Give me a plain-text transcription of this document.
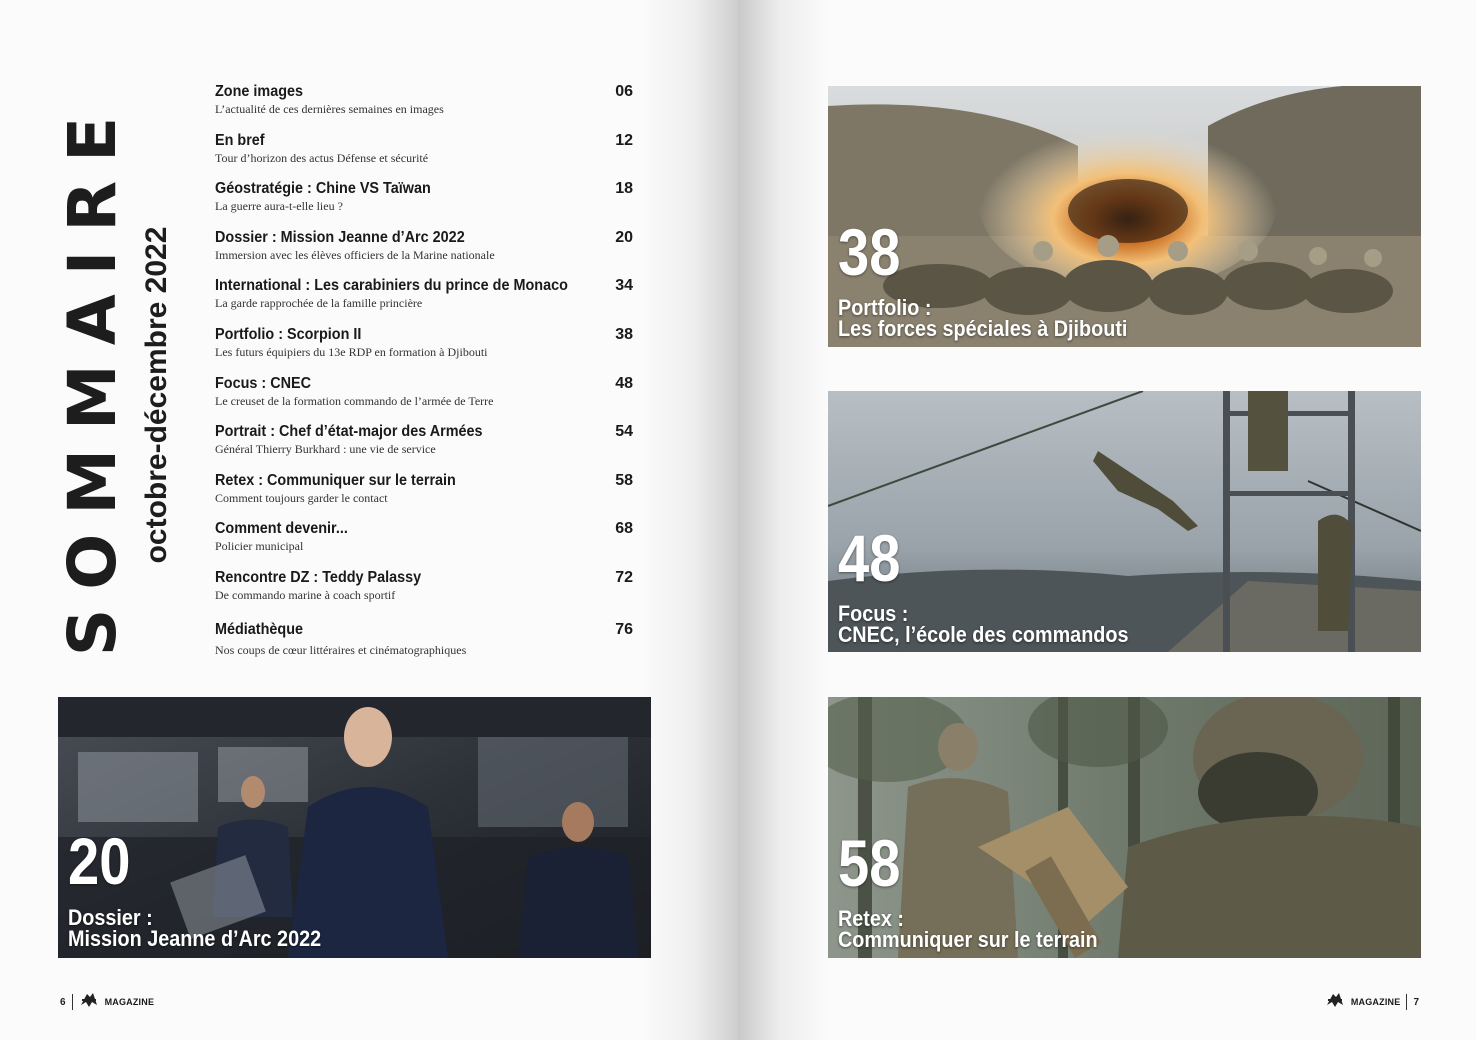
SOMMAIRE octobre-décembre 2022
Zone images
L’actualité de ces dernières semaines en images
06
En bref
Tour d’horizon des actus Défense et sécurité
12
Géostratégie : Chine VS Taïwan
La guerre aura-t-elle lieu ?
18
Dossier : Mission Jeanne d’Arc 2022
Immersion avec les élèves officiers de la Marine nationale
20
International : Les carabiniers du prince de Monaco
La garde rapprochée de la famille princière
34
Portfolio : Scorpion II
Les futurs équipiers du 13e RDP en formation à Djibouti
38
Focus : CNEC
Le creuset de la formation commando de l’armée de Terre
48
Portrait : Chef d’état-major des Armées
Général Thierry Burkhard : une vie de service
54
Retex : Communiquer sur le terrain
Comment toujours garder le contact
58
Comment devenir...
Policier municipal
68
Rencontre DZ : Teddy Palassy
De commando marine à coach sportif
72
Médiathèque
Nos coups de cœur littéraires et cinématographiques
76
20
Dossier :
Mission Jeanne d’Arc 2022
38
Portfolio :
Les forces spéciales à Djibouti
48
Focus :
CNEC, l’école des commandos
58
Retex :
Communiquer sur le terrain
6	MAGAZINE	MAGAZINE 7
